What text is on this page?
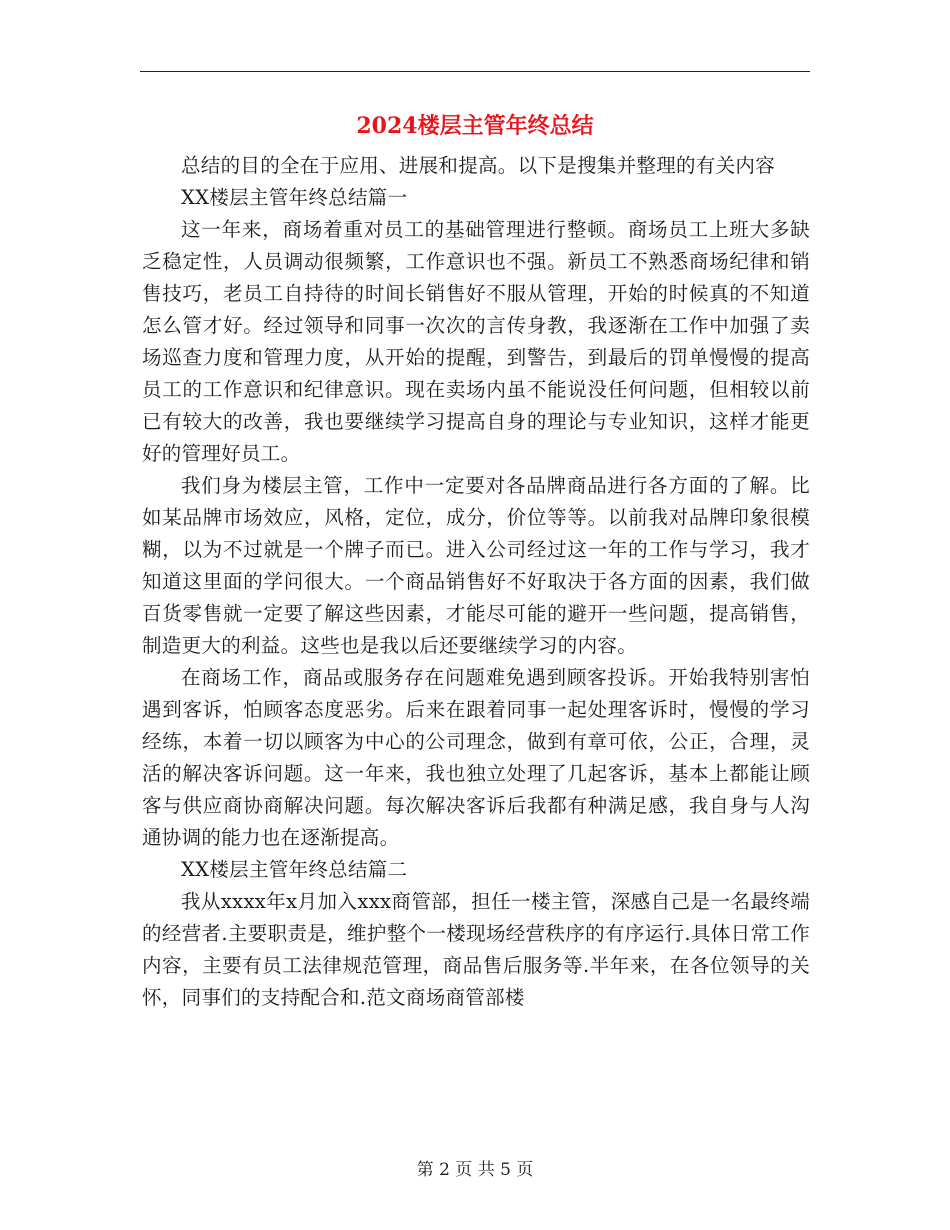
2024楼层主管年终总结

总结的目的全在于应用、进展和提高。以下是搜集并整理的有关内容

XX楼层主管年终总结篇一

这一年来，商场着重对员工的基础管理进行整顿。商场员工上班大多缺乏稳定性，人员调动很频繁，工作意识也不强。新员工不熟悉商场纪律和销售技巧，老员工自持待的时间长销售好不服从管理，开始的时候真的不知道怎么管才好。经过领导和同事一次次的言传身教，我逐渐在工作中加强了卖场巡查力度和管理力度，从开始的提醒，到警告，到最后的罚单慢慢的提高员工的工作意识和纪律意识。现在卖场内虽不能说没任何问题，但相较以前已有较大的改善，我也要继续学习提高自身的理论与专业知识，这样才能更好的管理好员工。

我们身为楼层主管，工作中一定要对各品牌商品进行各方面的了解。比如某品牌市场效应，风格，定位，成分，价位等等。以前我对品牌印象很模糊，以为不过就是一个牌子而已。进入公司经过这一年的工作与学习，我才知道这里面的学问很大。一个商品销售好不好取决于各方面的因素，我们做百货零售就一定要了解这些因素，才能尽可能的避开一些问题，提高销售，制造更大的利益。这些也是我以后还要继续学习的内容。

在商场工作，商品或服务存在问题难免遇到顾客投诉。开始我特别害怕遇到客诉，怕顾客态度恶劣。后来在跟着同事一起处理客诉时，慢慢的学习经练，本着一切以顾客为中心的公司理念，做到有章可依，公正，合理，灵活的解决客诉问题。这一年来，我也独立处理了几起客诉，基本上都能让顾客与供应商协商解决问题。每次解决客诉后我都有种满足感，我自身与人沟通协调的能力也在逐渐提高。

XX楼层主管年终总结篇二

我从xxxx年x月加入xxx商管部，担任一楼主管，深感自己是一名最终端的经营者.主要职责是，维护整个一楼现场经营秩序的有序运行.具体日常工作内容，主要有员工法律规范管理，商品售后服务等.半年来，在各位领导的关怀，同事们的支持配合和.范文商场商管部楼

第 2 页 共 5 页
